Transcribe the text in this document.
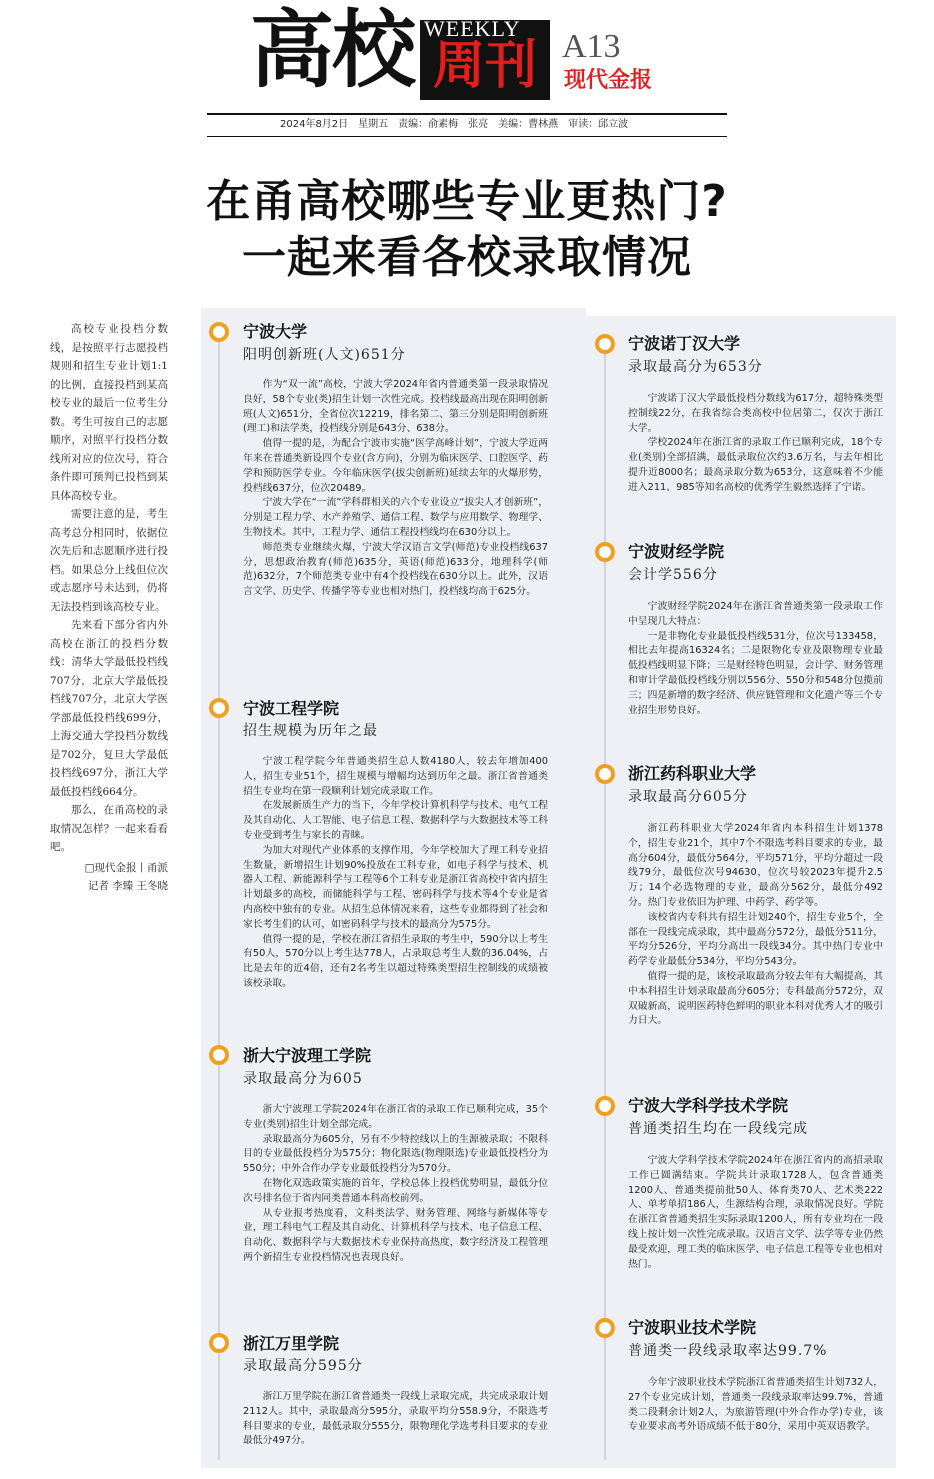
高校 WEEKLY
周刊 A13
现代金报
2024年8月2日　星期五　责编：俞素梅　张亮　美编：曹林燕　审读：邱立波
在甬高校哪些专业更热门?
一起来看各校录取情况

高校专业投档分数线，是按照平行志愿投档规则和招生专业计划1:1的比例，直接投档到某高校专业的最后一位考生分数。考生可按自己的志愿顺序，对照平行投档分数线所对应的位次号，符合条件即可预判已投档到某具体高校专业。

需要注意的是，考生高考总分相同时，依据位次先后和志愿顺序进行投档。如果总分上线但位次或志愿序号未达到，仍将无法投档到该高校专业。

先来看下部分省内外高校在浙江的投档分数线：清华大学最低投档线707分，北京大学最低投档线707分，北京大学医学部最低投档线699分，上海交通大学投档分数线是702分，复旦大学最低投档线697分，浙江大学最低投档线664分。

那么，在甬高校的录取情况怎样？一起来看看吧。

□现代金报丨甬派
记者 李臻 王冬晓

宁波大学
阳明创新班(人文)651分

作为“双一流”高校，宁波大学2024年省内普通类第一段录取情况良好，58个专业(类)招生计划一次性完成。投档线最高出现在阳明创新班(人文)651分，全省位次12219，排名第二、第三分别是阳明创新班(理工)和法学类，投档线分别是643分、638分。

值得一提的是，为配合宁波市实施“医学高峰计划”，宁波大学近两年来在普通类新设四个专业(含方向)，分别为临床医学、口腔医学、药学和预防医学专业。今年临床医学(拔尖创新班)延续去年的火爆形势，投档线637分，位次20489。

宁波大学在“一流”学科群相关的六个专业设立“拔尖人才创新班”，分别是工程力学、水产养殖学、通信工程、数学与应用数学、物理学、生物技术。其中，工程力学、通信工程投档线均在630分以上。

师范类专业继续火爆，宁波大学汉语言文学(师范)专业投档线637分，思想政治教育(师范)635分，英语(师范)633分，地理科学(师范)632分，7个师范类专业中有4个投档线在630分以上。此外，汉语言文学、历史学、传播学等专业也相对热门，投档线均高于625分。

宁波工程学院
招生规模为历年之最

宁波工程学院今年普通类招生总人数4180人，较去年增加400人，招生专业51个，招生规模与增幅均达到历年之最。浙江省普通类招生专业均在第一段顺利计划完成录取工作。

在发展新质生产力的当下，今年学校计算机科学与技术、电气工程及其自动化、人工智能、电子信息工程、数据科学与大数据技术等工科专业受到考生与家长的青睐。

为加大对现代产业体系的支撑作用，今年学校加大了理工科专业招生数量，新增招生计划90%投放在工科专业，如电子科学与技术、机器人工程、新能源科学与工程等6个工科专业是浙江省高校中省内招生计划最多的高校，而储能科学与工程、密码科学与技术等4个专业是省内高校中独有的专业。从招生总体情况来看，这些专业都得到了社会和家长考生们的认可，如密码科学与技术的最高分为575分。

值得一提的是，学校在浙江省招生录取的考生中，590分以上考生有50人，570分以上考生达778人，占录取总考生人数的36.04%，占比是去年的近4倍，还有2名考生以超过特殊类型招生控制线的成绩被该校录取。

浙大宁波理工学院
录取最高分为605

浙大宁波理工学院2024年在浙江省的录取工作已顺利完成，35个专业(类别)招生计划全部完成。

录取最高分为605分，另有不少特控线以上的生源被录取；不限科目的专业最低投档分为575分；物化限选(物理限选)专业最低投档分为550分；中外合作办学专业最低投档分为570分。

在物化双选政策实施的首年，学校总体上投档优势明显，最低分位次号排名位于省内同类普通本科高校前列。

从专业报考热度看，文科类法学、财务管理、网络与新媒体等专业，理工科电气工程及其自动化、计算机科学与技术、电子信息工程、自动化、数据科学与大数据技术专业保持高热度，数字经济及工程管理两个新招生专业投档情况也表现良好。

浙江万里学院
录取最高分595分

浙江万里学院在浙江省普通类一段线上录取完成，共完成录取计划2112人。其中，录取最高分595分，录取平均分558.9分，不限选考科目要求的专业，最低录取分555分，限物理化学选考科目要求的专业最低分497分。

宁波诺丁汉大学
录取最高分为653分

宁波诺丁汉大学最低投档分数线为617分，超特殊类型控制线22分，在我省综合类高校中位居第二，仅次于浙江大学。

学校2024年在浙江省的录取工作已顺利完成，18个专业(类别)全部招满，最低录取位次约3.6万名，与去年相比提升近8000名；最高录取分数为653分，这意味着不少能进入211、985等知名高校的优秀学生毅然选择了宁诺。

宁波财经学院
会计学556分

宁波财经学院2024年在浙江省普通类第一段录取工作中呈现几大特点：

一是非物化专业最低投档线531分，位次号133458，相比去年提高16324名；二是限物化专业及限物理专业最低投档线明显下降；三是财经特色明显，会计学、财务管理和审计学最低投档线分别以556分、550分和548分包揽前三；四是新增的数字经济、供应链管理和文化遗产等三个专业招生形势良好。

浙江药科职业大学
录取最高分605分

浙江药科职业大学2024年省内本科招生计划1378个，招生专业21个，其中7个不限选考科目要求的专业，最高分604分，最低分564分，平均571分，平均分超过一段线79分，最低位次号94630，位次号较2023年提升2.5万；14个必选物理的专业，最高分562分，最低分492分。热门专业依旧为护理、中药学、药学等。

该校省内专科共有招生计划240个，招生专业5个，全部在一段线完成录取，其中最高分572分，最低分511分，平均分526分，平均分高出一段线34分。其中热门专业中药学专业最低分534分，平均分543分。

值得一提的是，该校录取最高分较去年有大幅提高，其中本科招生计划录取最高分605分；专科最高分572分，双双破新高，说明医药特色鲜明的职业本科对优秀人才的吸引力日大。

宁波大学科学技术学院
普通类招生均在一段线完成

宁波大学科学技术学院2024年在浙江省内的高招录取工作已圆满结束。学院共计录取1728人，包含普通类1200人、普通类提前批50人、体育类70人、艺术类222人、单考单招186人，生源结构合理，录取情况良好。学院在浙江省普通类招生实际录取1200人，所有专业均在一段线上按计划一次性完成录取。汉语言文学、法学等专业仍然最受欢迎，理工类的临床医学、电子信息工程等专业也相对热门。

宁波职业技术学院
普通类一段线录取率达99.7%

今年宁波职业技术学院浙江省普通类招生计划732人，27个专业完成计划，普通类一段线录取率达99.7%，普通类二段剩余计划2人，为旅游管理(中外合作办学)专业，该专业要求高考外语成绩不低于80分，采用中英双语教学。
